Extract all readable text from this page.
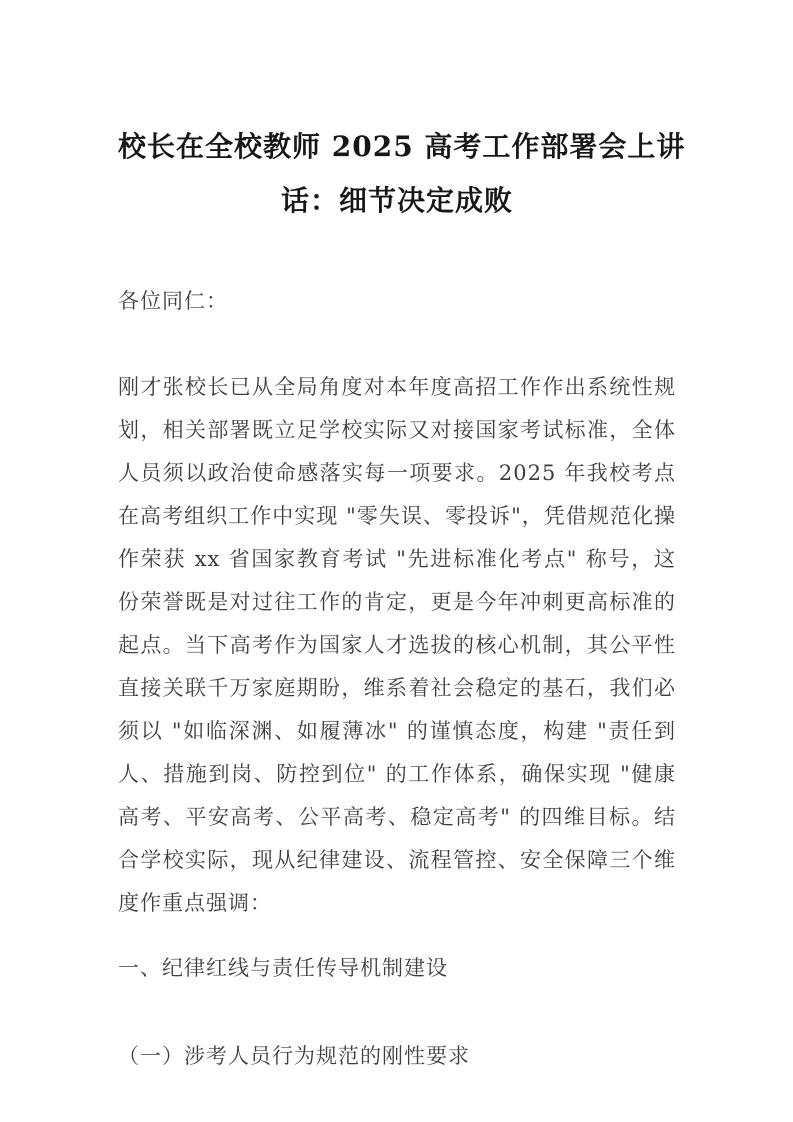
校长在全校教师 2025 高考工作部署会上讲
话：细节决定成败

各位同仁：

刚才张校长已从全局角度对本年度高招工作作出系统性规划，相关部署既立足学校实际又对接国家考试标准，全体人员须以政治使命感落实每一项要求。2025 年我校考点在高考组织工作中实现 "零失误、零投诉"，凭借规范化操作荣获 xx 省国家教育考试 "先进标准化考点" 称号，这份荣誉既是对过往工作的肯定，更是今年冲刺更高标准的起点。当下高考作为国家人才选拔的核心机制，其公平性直接关联千万家庭期盼，维系着社会稳定的基石，我们必须以 "如临深渊、如履薄冰" 的谨慎态度，构建 "责任到人、措施到岗、防控到位" 的工作体系，确保实现 "健康高考、平安高考、公平高考、稳定高考" 的四维目标。结合学校实际，现从纪律建设、流程管控、安全保障三个维度作重点强调：

一、纪律红线与责任传导机制建设

（一）涉考人员行为规范的刚性要求
